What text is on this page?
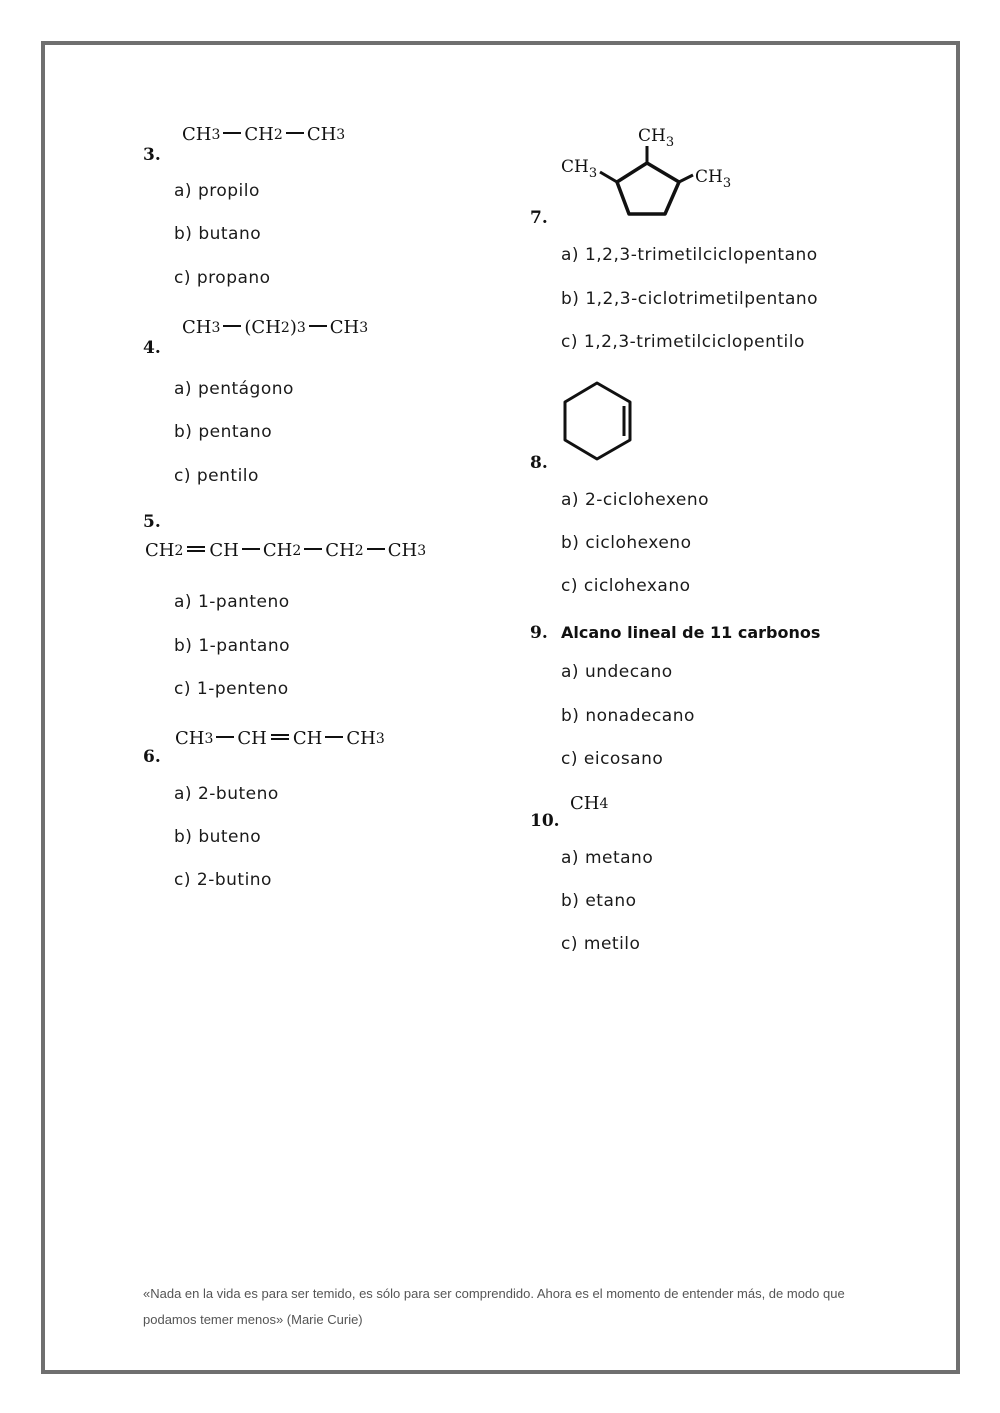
3.
CH 3 CH 2 CH 3
a) propilo
b) butano
c) propano
4.
CH 3 (CH 2 ) 3 CH 3
a) pentágono
b) pentano
c) pentilo
5.
CH 2 CH CH 2 CH 2 CH 3
a) 1-panteno
b) 1-pantano
c) 1-penteno
6.
CH 3 CH CH CH 3
a) 2-buteno
b) buteno
c) 2-butino
7.
$CH_3$
$CH_3$	$CH_3$
a) 1,2,3-trimetilciclopentano
b) 1,2,3-ciclotrimetilpentano
c) 1,2,3-trimetilciclopentilo
8.
a) 2-ciclohexeno
b) ciclohexeno
c) ciclohexano
9. Alcano lineal de 11 carbonos
a) undecano
b) nonadecano
c) eicosano
10.
CH 4
a) metano
b) etano
c) metilo
«Nada en la vida es para ser temido, es sólo para ser comprendido. Ahora es el momento de entender más, de modo que podamos temer menos» (Marie Curie)
